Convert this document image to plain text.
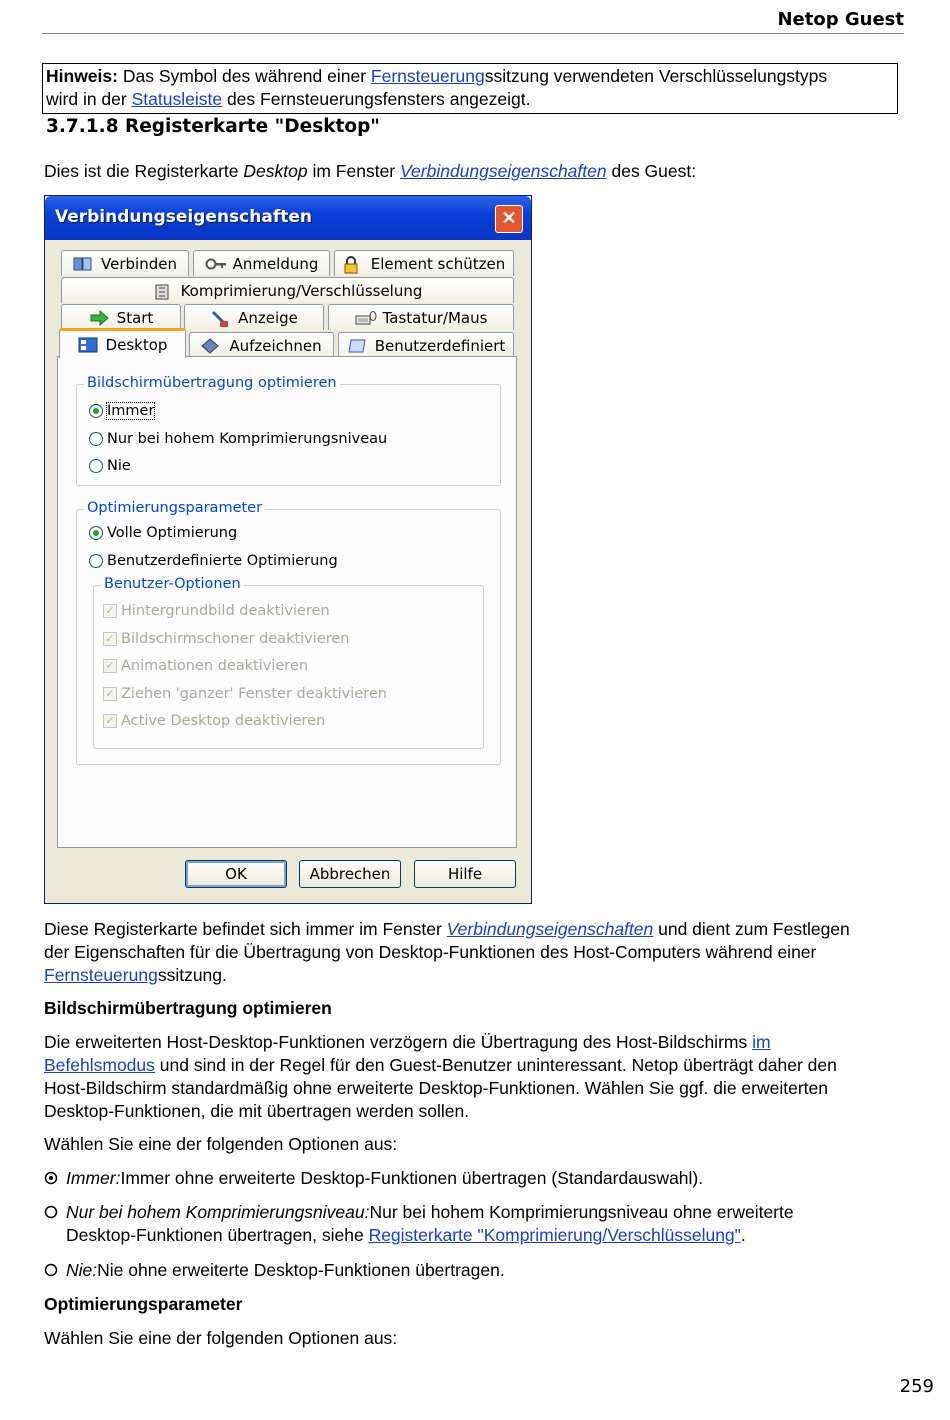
Netop Guest
Hinweis: Das Symbol des während einer Fernsteuerungssitzung verwendeten Verschlüsselungstyps
wird in der Statusleiste des Fernsteuerungsfensters angezeigt.
3.7.1.8 Registerkarte "Desktop"
Dies ist die Registerkarte Desktop im Fenster Verbindungseigenschaften des Guest:
Verbindungseigenschaften	✕
Verbinden	Anmeldung	Element schützen
Komprimierung/Verschlüsselung
Start	Anzeige	Tastatur/Maus
Desktop	Aufzeichnen	Benutzerdefiniert
Bildschirmübertragung optimieren
Immer
Nur bei hohem Komprimierungsniveau
Nie
Optimierungsparameter
Volle Optimierung
Benutzerdefinierte Optimierung
Benutzer-Optionen
✓ Hintergrundbild deaktivieren
✓ Bildschirmschoner deaktivieren
✓ Animationen deaktivieren
✓ Ziehen 'ganzer' Fenster deaktivieren
✓ Active Desktop deaktivieren
OK	Abbrechen	Hilfe
Diese Registerkarte befindet sich immer im Fenster Verbindungseigenschaften und dient zum Festlegen
der Eigenschaften für die Übertragung von Desktop-Funktionen des Host-Computers während einer
Fernsteuerungssitzung.
Bildschirmübertragung optimieren
Die erweiterten Host-Desktop-Funktionen verzögern die Übertragung des Host-Bildschirms im
Befehlsmodus und sind in der Regel für den Guest-Benutzer uninteressant. Netop überträgt daher den
Host-Bildschirm standardmäßig ohne erweiterte Desktop-Funktionen. Wählen Sie ggf. die erweiterten
Desktop-Funktionen, die mit übertragen werden sollen.
Wählen Sie eine der folgenden Optionen aus:
Immer:Immer ohne erweiterte Desktop-Funktionen übertragen (Standardauswahl).
Nur bei hohem Komprimierungsniveau:Nur bei hohem Komprimierungsniveau ohne erweiterte
Desktop-Funktionen übertragen, siehe Registerkarte "Komprimierung/Verschlüsselung".
Nie:Nie ohne erweiterte Desktop-Funktionen übertragen.
Optimierungsparameter
Wählen Sie eine der folgenden Optionen aus:
259
